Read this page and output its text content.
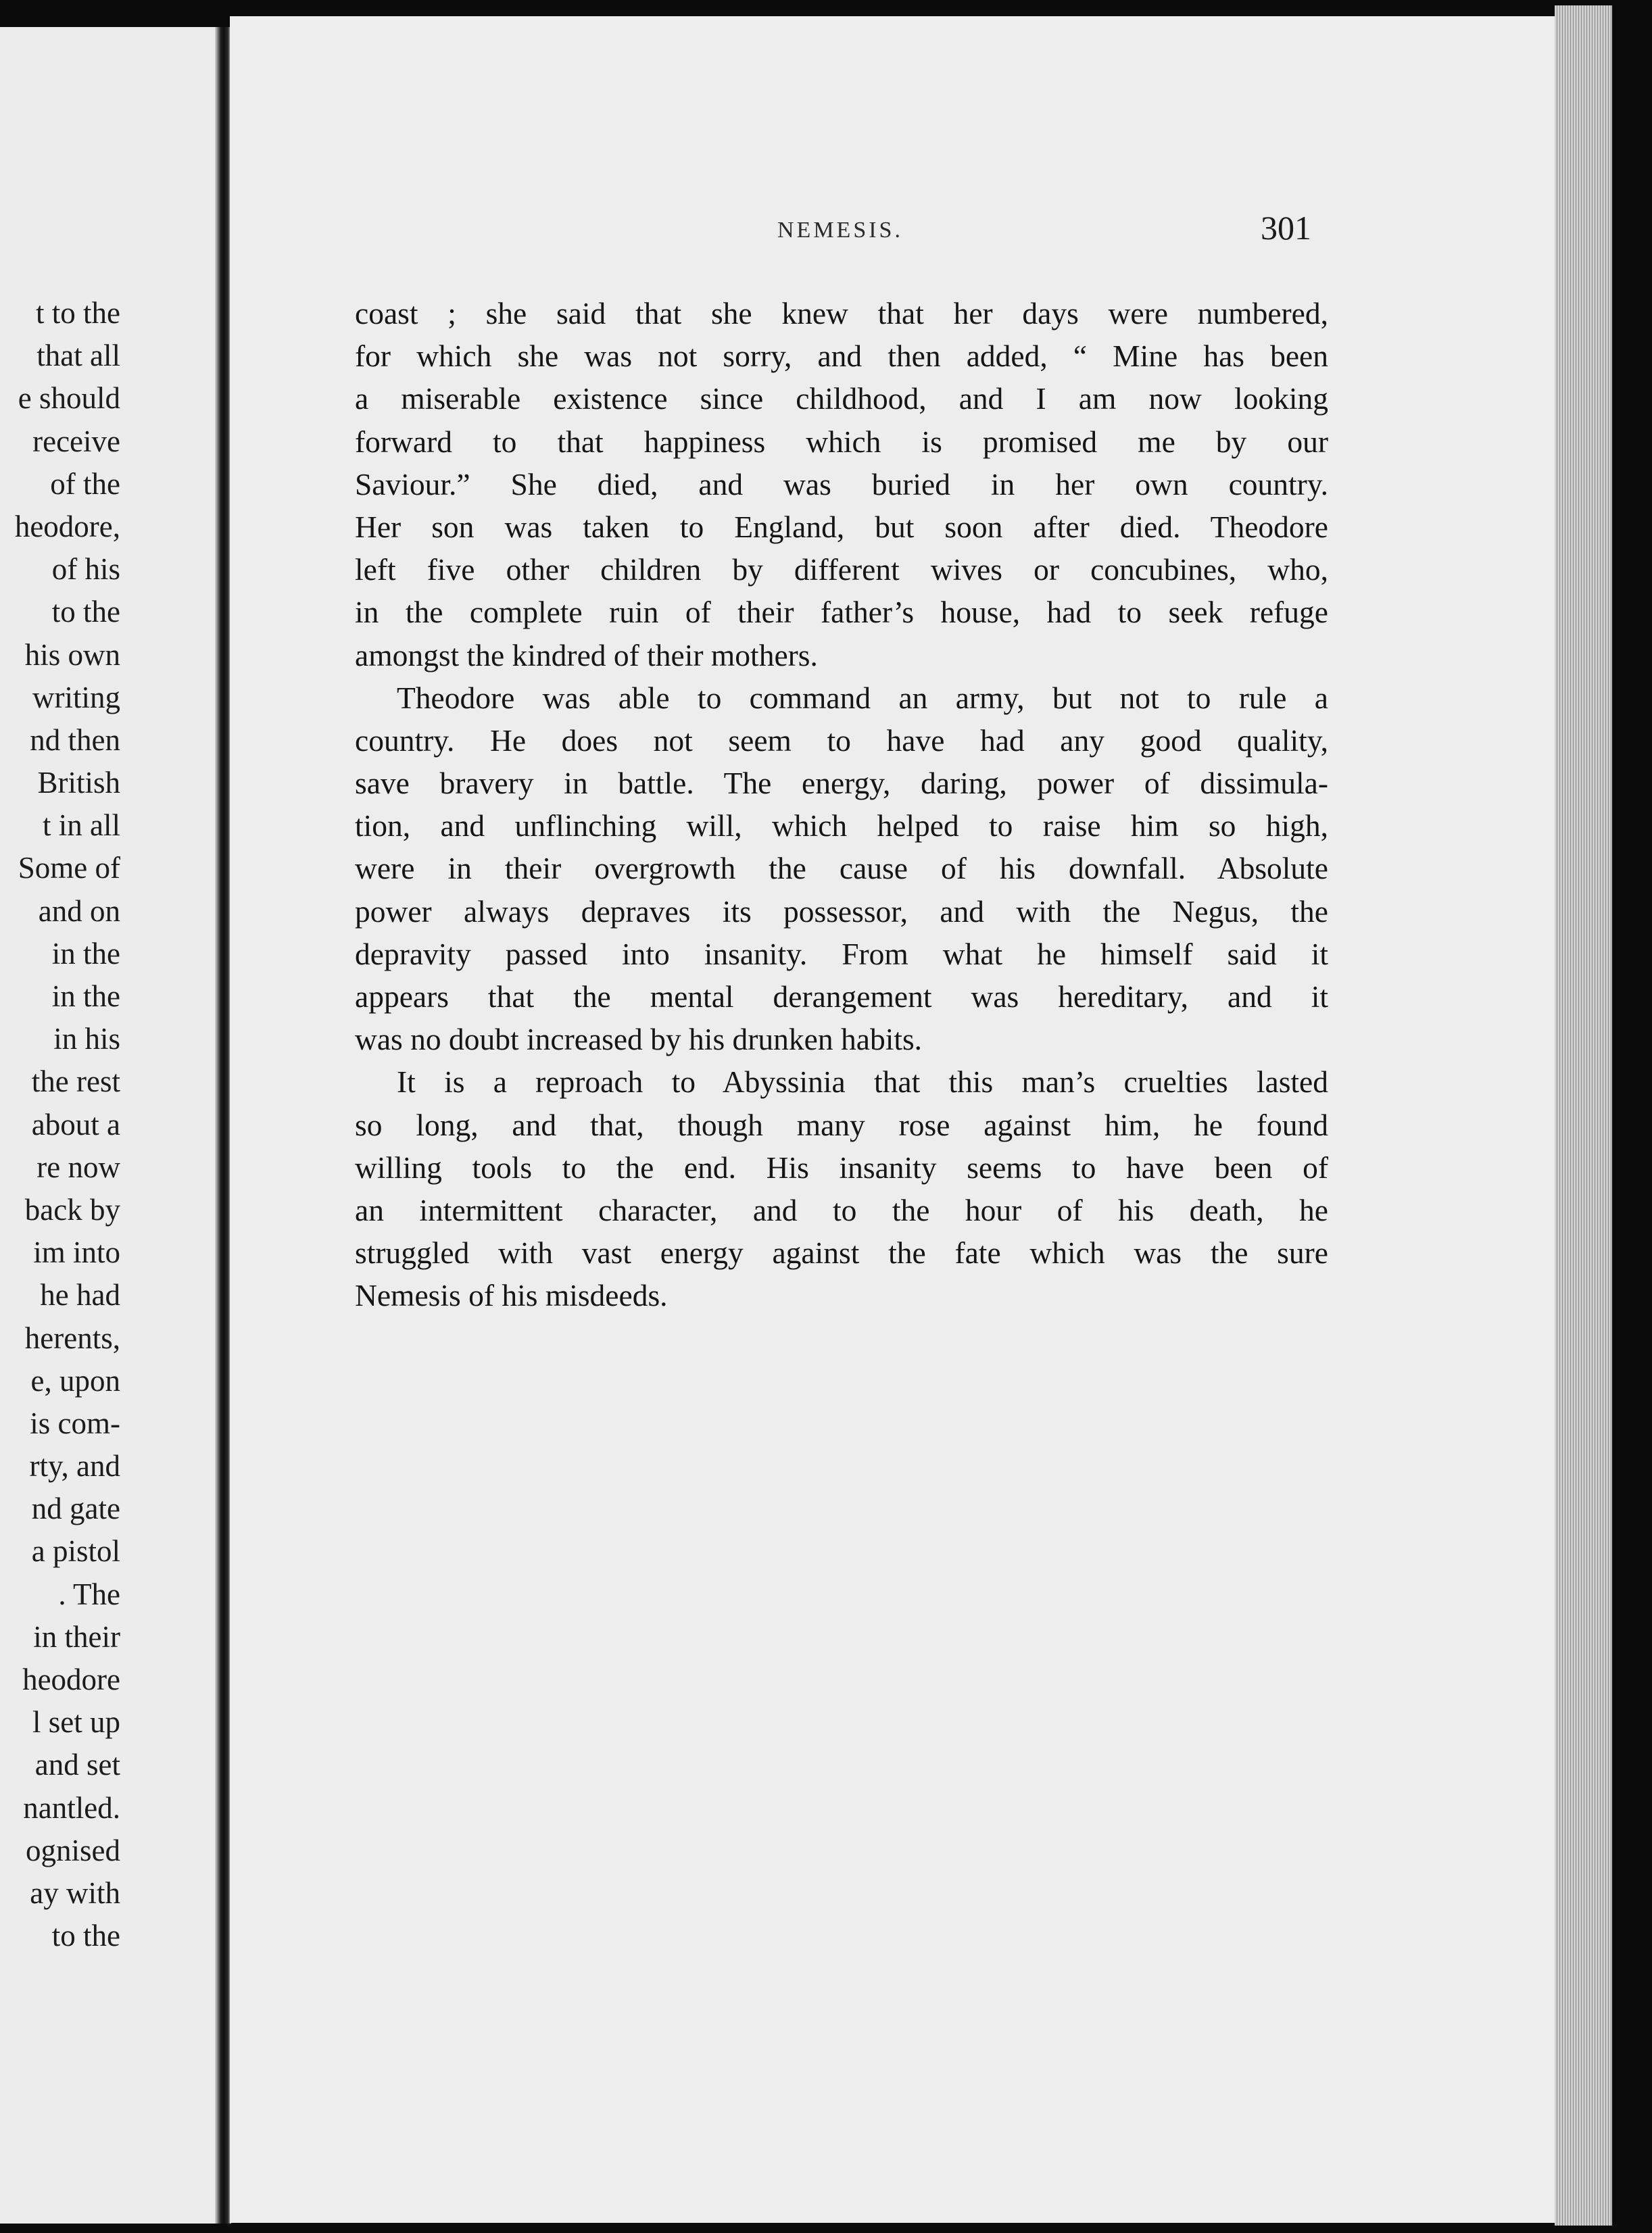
t to the
that all
e should
receive
of the
heodore,
of his
to the
his own
writing
nd then
British
t in all
Some of
and on
in the
in the
in his
the rest
about a
re now
back by
im into
he had
herents,
e, upon
is com-
rty, and
nd gate
a pistol
. The
in their
heodore
l set up
and set
nantled.
ognised
ay with
to the
NEMESIS.	301
coast ; she said that she knew that her days were numbered,
for which she was not sorry, and then added, “ Mine has been
a miserable existence since childhood, and I am now looking
forward to that happiness which is promised me by our
Saviour.” She died, and was buried in her own country.
Her son was taken to England, but soon after died. Theodore
left five other children by different wives or concubines, who,
in the complete ruin of their father’s house, had to seek refuge
amongst the kindred of their mothers.
Theodore was able to command an army, but not to rule a
country. He does not seem to have had any good quality,
save bravery in battle. The energy, daring, power of dissimula-
tion, and unflinching will, which helped to raise him so high,
were in their overgrowth the cause of his downfall. Absolute
power always depraves its possessor, and with the Negus, the
depravity passed into insanity. From what he himself said it
appears that the mental derangement was hereditary, and it
was no doubt increased by his drunken habits.
It is a reproach to Abyssinia that this man’s cruelties lasted
so long, and that, though many rose against him, he found
willing tools to the end. His insanity seems to have been of
an intermittent character, and to the hour of his death, he
struggled with vast energy against the fate which was the sure
Nemesis of his misdeeds.
